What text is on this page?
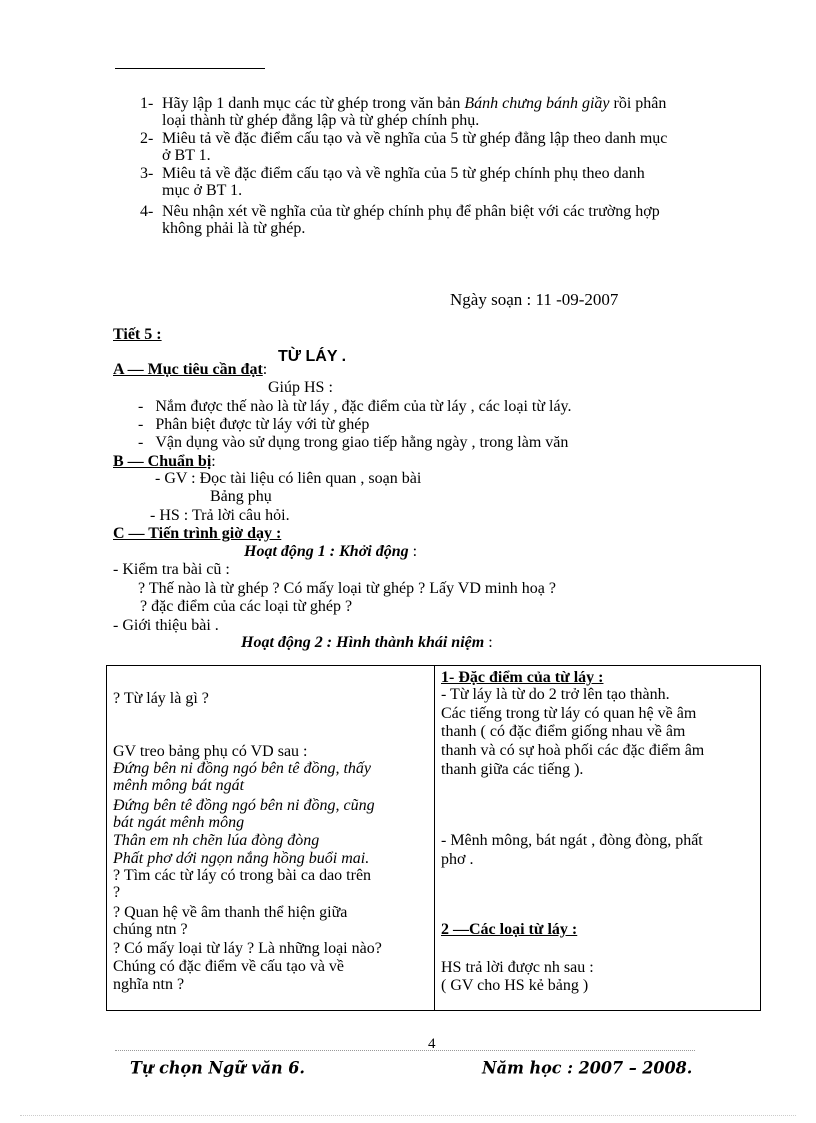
1- Hãy lập 1 danh mục các từ ghép trong văn bản Bánh chưng bánh giầy rồi phân
loại thành từ ghép đẳng lập và từ ghép chính phụ.
2- Miêu tả về đặc điểm cấu tạo và về nghĩa của 5 từ ghép đẳng lập theo danh mục
ở BT 1.
3- Miêu tả về đặc điểm cấu tạo và về nghĩa của 5 từ ghép chính phụ theo danh
mục ở BT 1.
4- Nêu nhận xét về nghĩa của từ ghép chính phụ để phân biệt với các trường hợp
không phải là từ ghép.
Ngày soạn : 11 -09-2007
Tiết 5 :
TỪ LÁY .
A — Mục tiêu cần đạt:
Giúp HS :
-   Nắm được thế nào là từ láy , đặc điểm của từ láy , các loại từ láy.
-   Phân biệt được từ láy với từ ghép
-   Vận dụng vào sử dụng trong giao tiếp hằng ngày , trong làm văn
B — Chuẩn bị:
- GV : Đọc tài liệu có liên quan , soạn bài
Bảng phụ
- HS : Trả lời câu hỏi.
C — Tiến trình giờ dạy :
Hoạt động 1 : Khởi động :
- Kiểm tra bài cũ :
? Thế nào là từ ghép ? Có mấy loại từ ghép ? Lấy VD minh hoạ ?
? đặc điểm của các loại từ ghép ?
- Giới thiệu bài .
Hoạt động 2 : Hình thành khái niệm :
? Từ láy là gì ?
GV treo bảng phụ có VD sau :
Đứng bên ni đồng ngó bên tê đồng, thấy
mênh mông bát ngát
Đứng bên tê đồng ngó bên ni đồng, cũng
bát ngát mênh mông
Thân em nh chẽn lúa đòng đòng
Phất phơ dới ngọn nắng hồng buổi mai.
? Tìm các từ láy có trong bài ca dao trên
?
? Quan hệ về âm thanh thể hiện giữa
chúng ntn ?
? Có mấy loại từ láy ? Là những loại nào?
Chúng có đặc điểm về cấu tạo và về
nghĩa ntn ?

1- Đặc điểm của từ láy :
- Từ láy là từ do 2 trở lên tạo thành.
Các tiếng trong từ láy có quan hệ về âm
thanh ( có đặc điểm giống nhau về âm
thanh và có sự hoà phối các đặc điểm âm
thanh giữa các tiếng ).
- Mênh mông, bát ngát , đòng đòng, phất
phơ .
2 —Các loại từ láy :
HS trả lời được nh sau :
( GV cho HS kẻ bảng )
4
Tự chọn Ngữ văn 6.	Năm học : 2007 – 2008.
